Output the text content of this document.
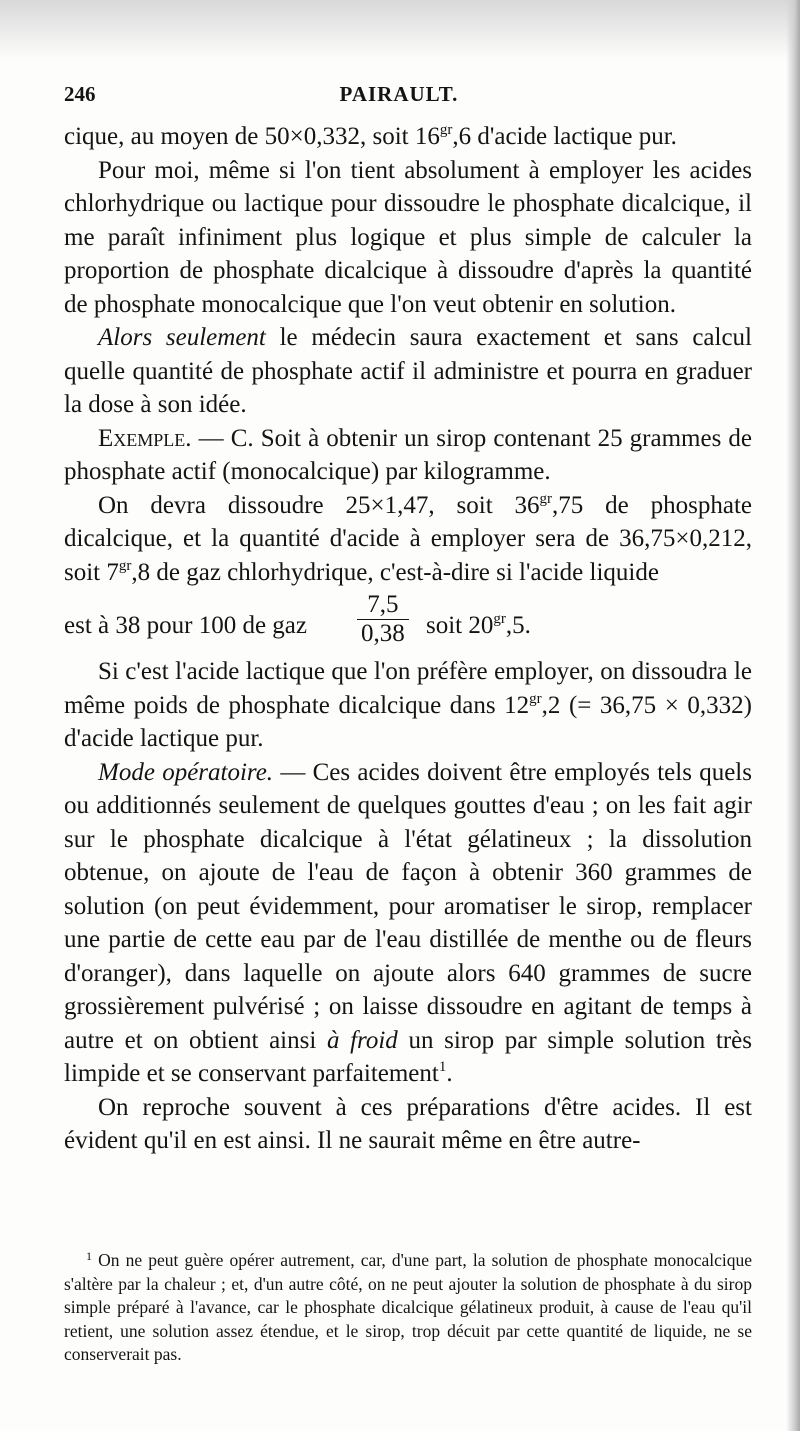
246	PAIRAULT.

cique, au moyen de 50×0,332, soit $16^{gr},6$ d'acide lactique pur.

Pour moi, même si l'on tient absolument à employer les acides chlorhydrique ou lactique pour dissoudre le phosphate dicalcique, il me paraît infiniment plus logique et plus simple de calculer la proportion de phosphate dicalcique à dissoudre d'après la quantité de phosphate monocalcique que l'on veut obtenir en solution.

Alors seulement le médecin saura exactement et sans calcul quelle quantité de phosphate actif il administre et pourra en graduer la dose à son idée.

Exemple. — C. Soit à obtenir un sirop contenant 25 grammes de phosphate actif (monocalcique) par kilogramme.

On devra dissoudre 25×1,47, soit $36^{gr},75$ de phosphate dicalcique, et la quantité d'acide à employer sera de 36,75×0,212, soit $7^{gr},8$ de gaz chlorhydrique, c'est-à-dire si l'acide liquide

est à 38 pour 100 de gaz $\frac{7,5}{0,38}$ soit $20^{gr},5$.

Si c'est l'acide lactique que l'on préfère employer, on dissoudra le même poids de phosphate dicalcique dans $12^{gr},2$ (= 36,75 × 0,332) d'acide lactique pur.

Mode opératoire. — Ces acides doivent être employés tels quels ou additionnés seulement de quelques gouttes d'eau ; on les fait agir sur le phosphate dicalcique à l'état gélatineux ; la dissolution obtenue, on ajoute de l'eau de façon à obtenir 360 grammes de solution (on peut évidemment, pour aromatiser le sirop, remplacer une partie de cette eau par de l'eau distillée de menthe ou de fleurs d'oranger), dans laquelle on ajoute alors 640 grammes de sucre grossièrement pulvérisé ; on laisse dissoudre en agitant de temps à autre et on obtient ainsi à froid un sirop par simple solution très limpide et se conservant parfaitement$^1$.

On reproche souvent à ces préparations d'être acides. Il est évident qu'il en est ainsi. Il ne saurait même en être autre-

$^1$ On ne peut guère opérer autrement, car, d'une part, la solution de phosphate monocalcique s'altère par la chaleur ; et, d'un autre côté, on ne peut ajouter la solution de phosphate à du sirop simple préparé à l'avance, car le phosphate dicalcique gélatineux produit, à cause de l'eau qu'il retient, une solution assez étendue, et le sirop, trop décuit par cette quantité de liquide, ne se conserverait pas.
